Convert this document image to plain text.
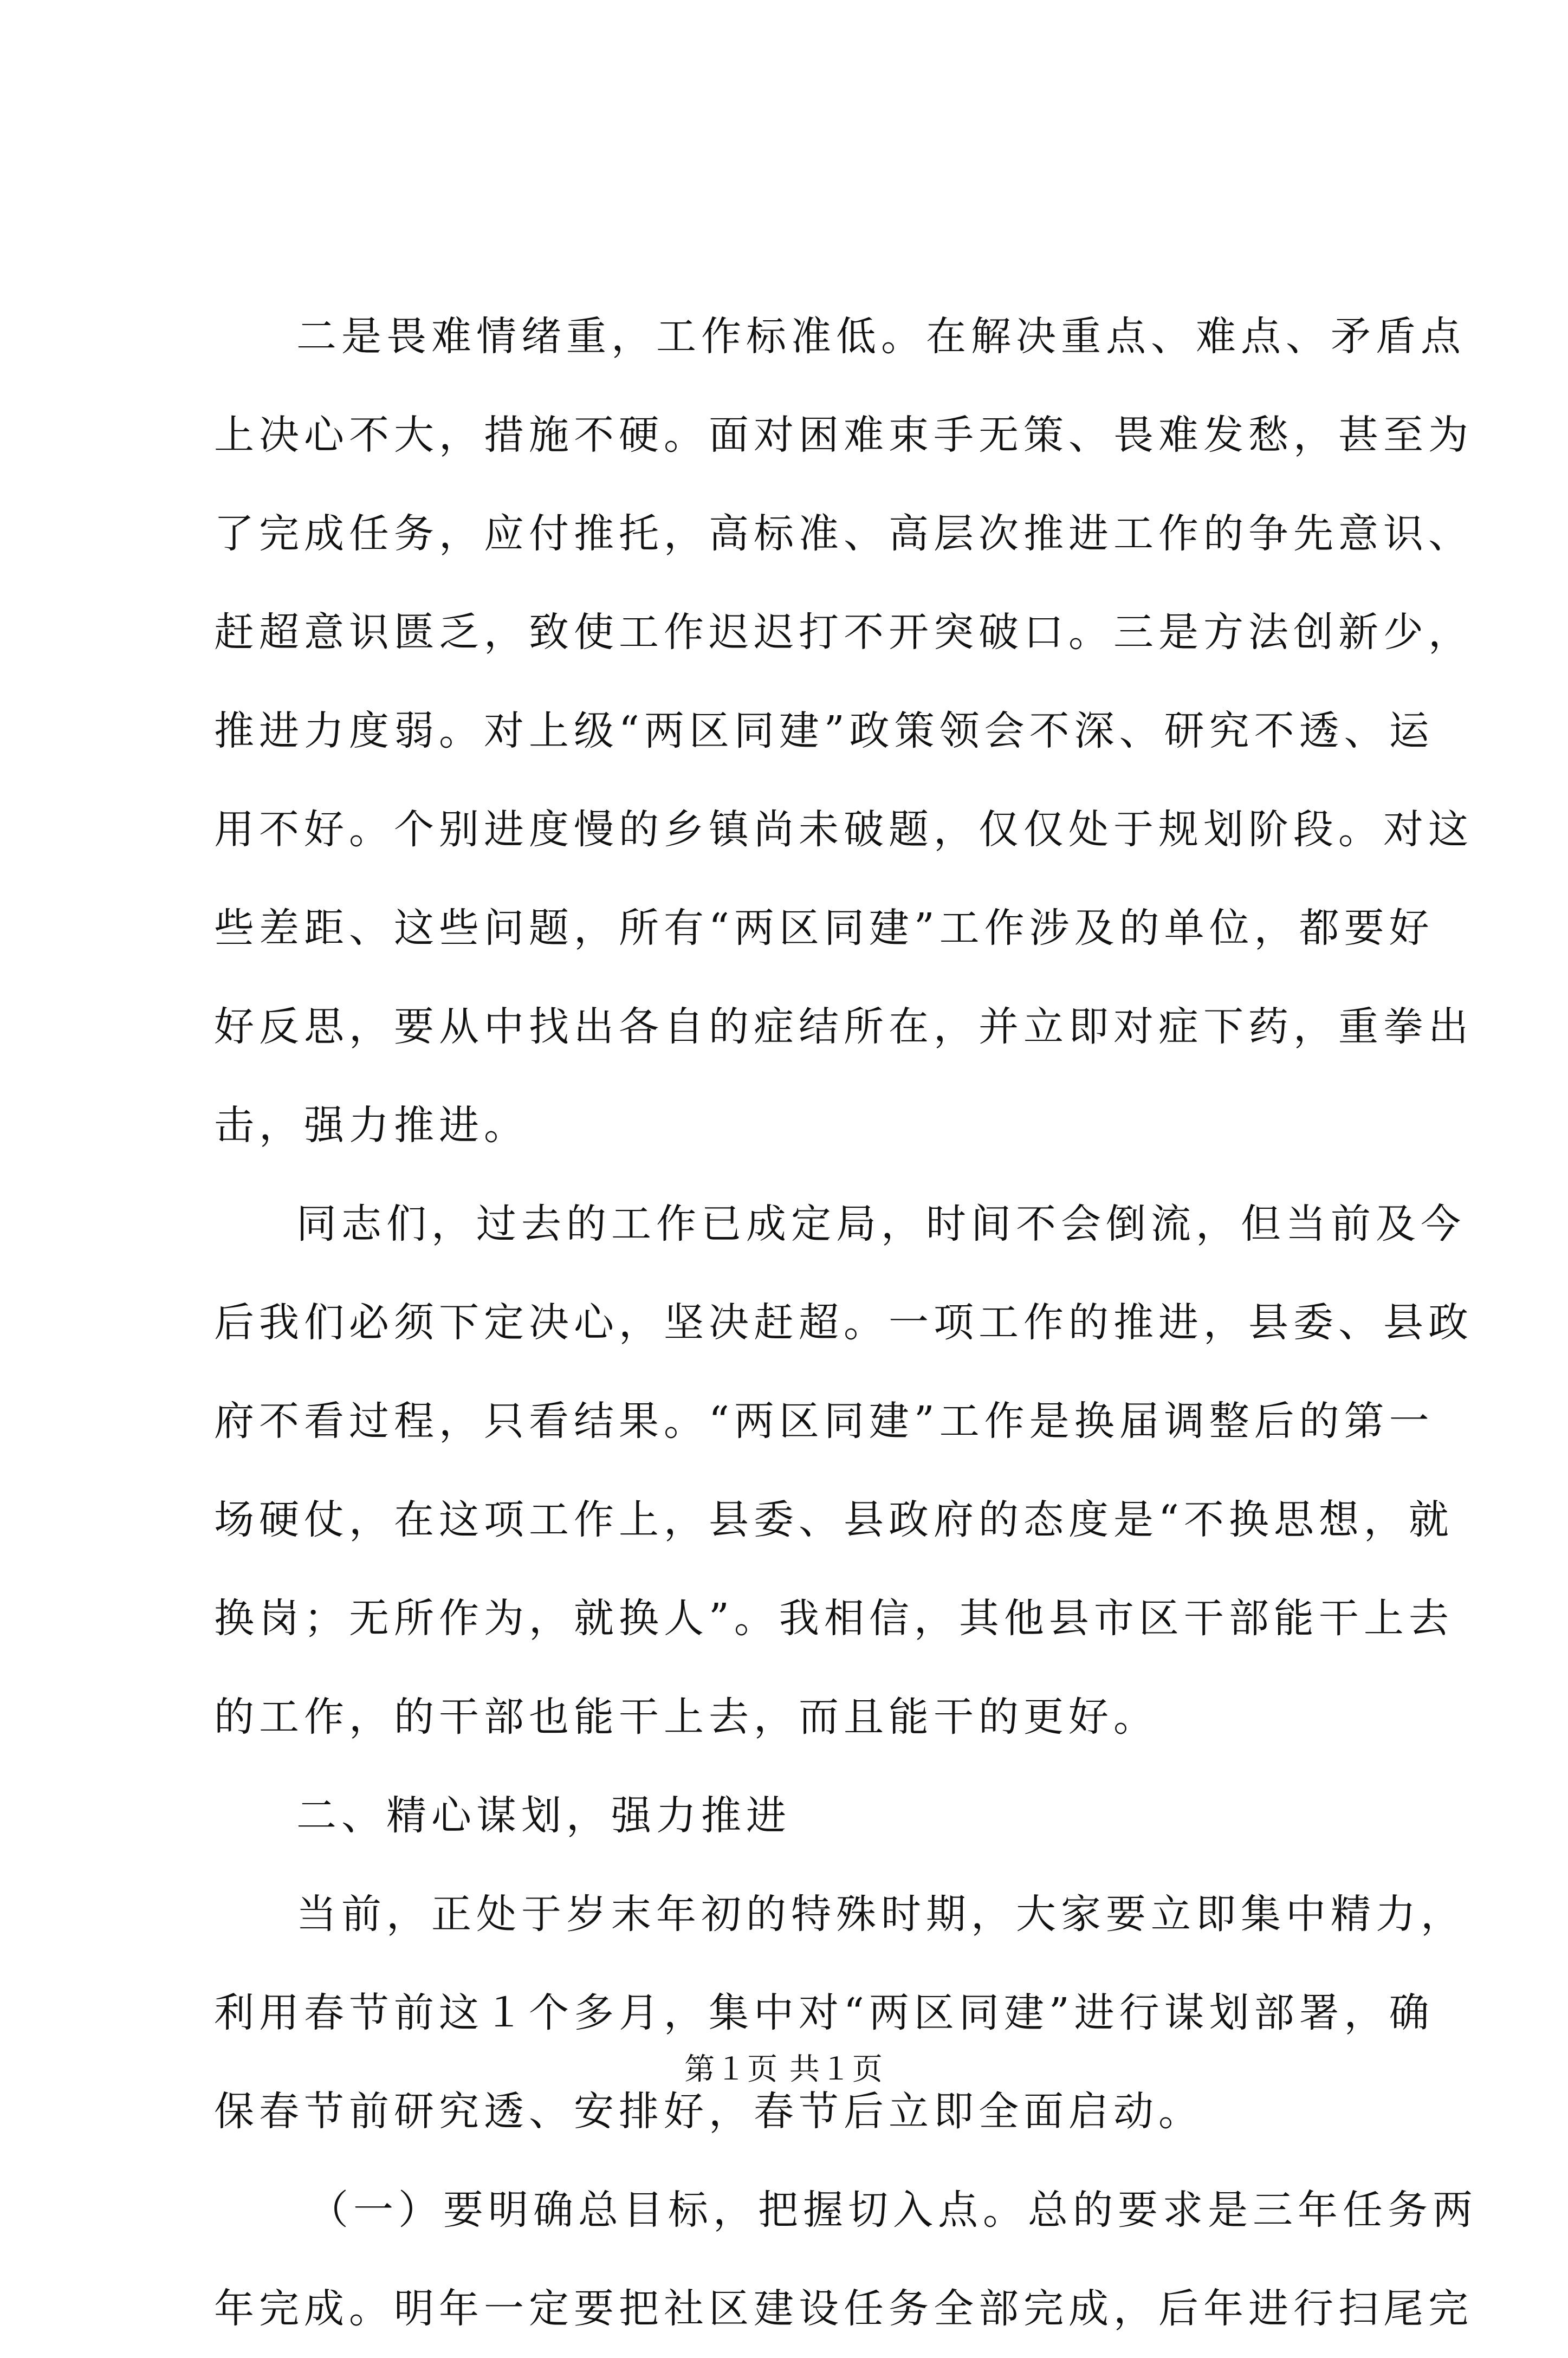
二是畏难情绪重，工作标准低。在解决重点、难点、矛盾点
上决心不大，措施不硬。面对困难束手无策、畏难发愁，甚至为
了完成任务，应付推托，高标准、高层次推进工作的争先意识、
赶超意识匮乏，致使工作迟迟打不开突破口。三是方法创新少，
推进力度弱。对上级“两区同建”政策领会不深、研究不透、运
用不好。个别进度慢的乡镇尚未破题，仅仅处于规划阶段。对这
些差距、这些问题，所有“两区同建”工作涉及的单位，都要好
好反思，要从中找出各自的症结所在，并立即对症下药，重拳出
击，强力推进。
同志们，过去的工作已成定局，时间不会倒流，但当前及今
后我们必须下定决心，坚决赶超。一项工作的推进，县委、县政
府不看过程，只看结果。“两区同建”工作是换届调整后的第一
场硬仗，在这项工作上，县委、县政府的态度是“不换思想，就
换岗；无所作为，就换人”。我相信，其他县市区干部能干上去
的工作，的干部也能干上去，而且能干的更好。
二、精心谋划，强力推进
当前，正处于岁末年初的特殊时期，大家要立即集中精力，
利用春节前这１个多月，集中对“两区同建”进行谋划部署，确
保春节前研究透、安排好，春节后立即全面启动。
（一）要明确总目标，把握切入点。总的要求是三年任务两
年完成。明年一定要把社区建设任务全部完成，后年进行扫尾完
第１页 共１页
